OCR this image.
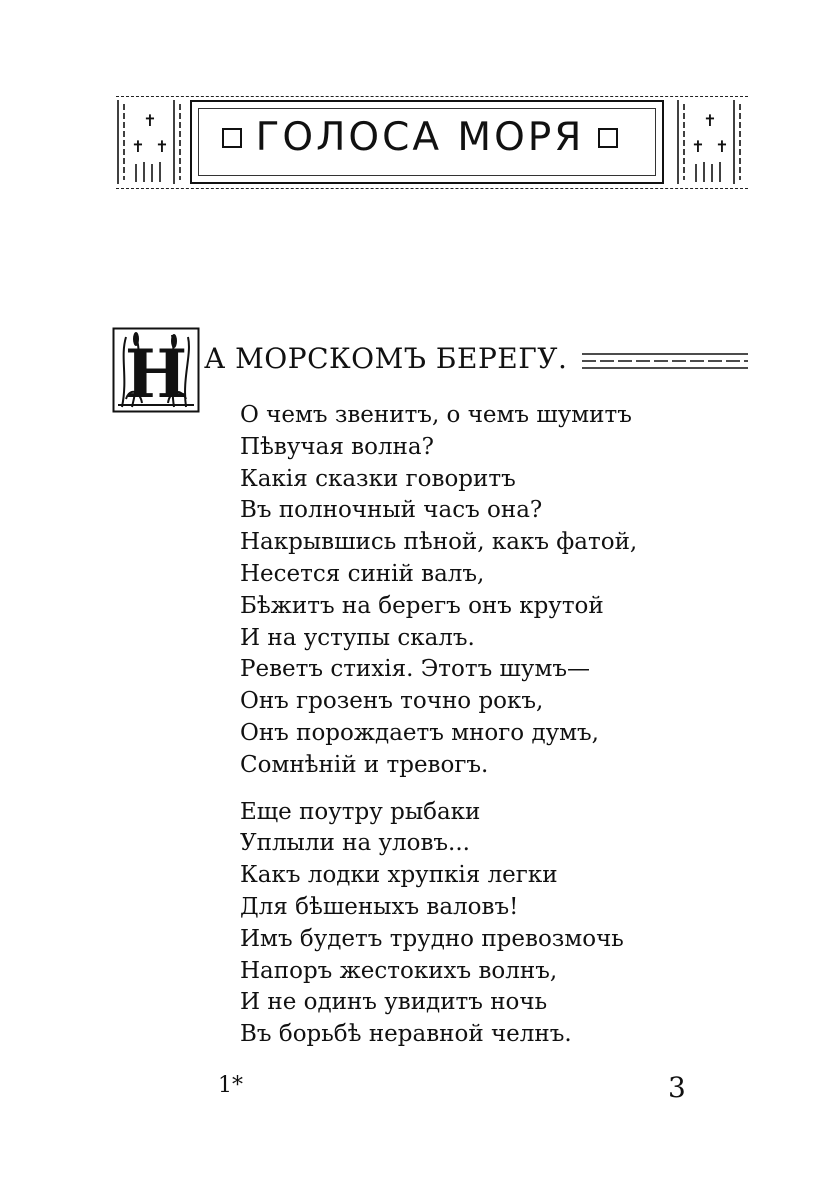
✝
✝ ✝	ГОЛОСА МОРЯ	✝
✝ ✝
Н А МОРСКОМЪ БЕРЕГУ.
О чемъ звенитъ, о чемъ шумитъ
Пѣвучая волна?
Какія сказки говоритъ
Въ полночный часъ она?
Накрывшись пѣной, какъ фатой,
Несется синій валъ,
Бѣжитъ на берегъ онъ крутой
И на уступы скалъ.
Реветъ стихія. Этотъ шумъ—
Онъ грозенъ точно рокъ,
Онъ порождаетъ много думъ,
Сомнѣній и тревогъ.
Еще поутру рыбаки
Уплыли на уловъ...
Какъ лодки хрупкія легки
Для бѣшеныхъ валовъ!
Имъ будетъ трудно превозмочь
Напоръ жестокихъ волнъ,
И не одинъ увидитъ ночь
Въ борьбѣ неравной челнъ.
1*	3
